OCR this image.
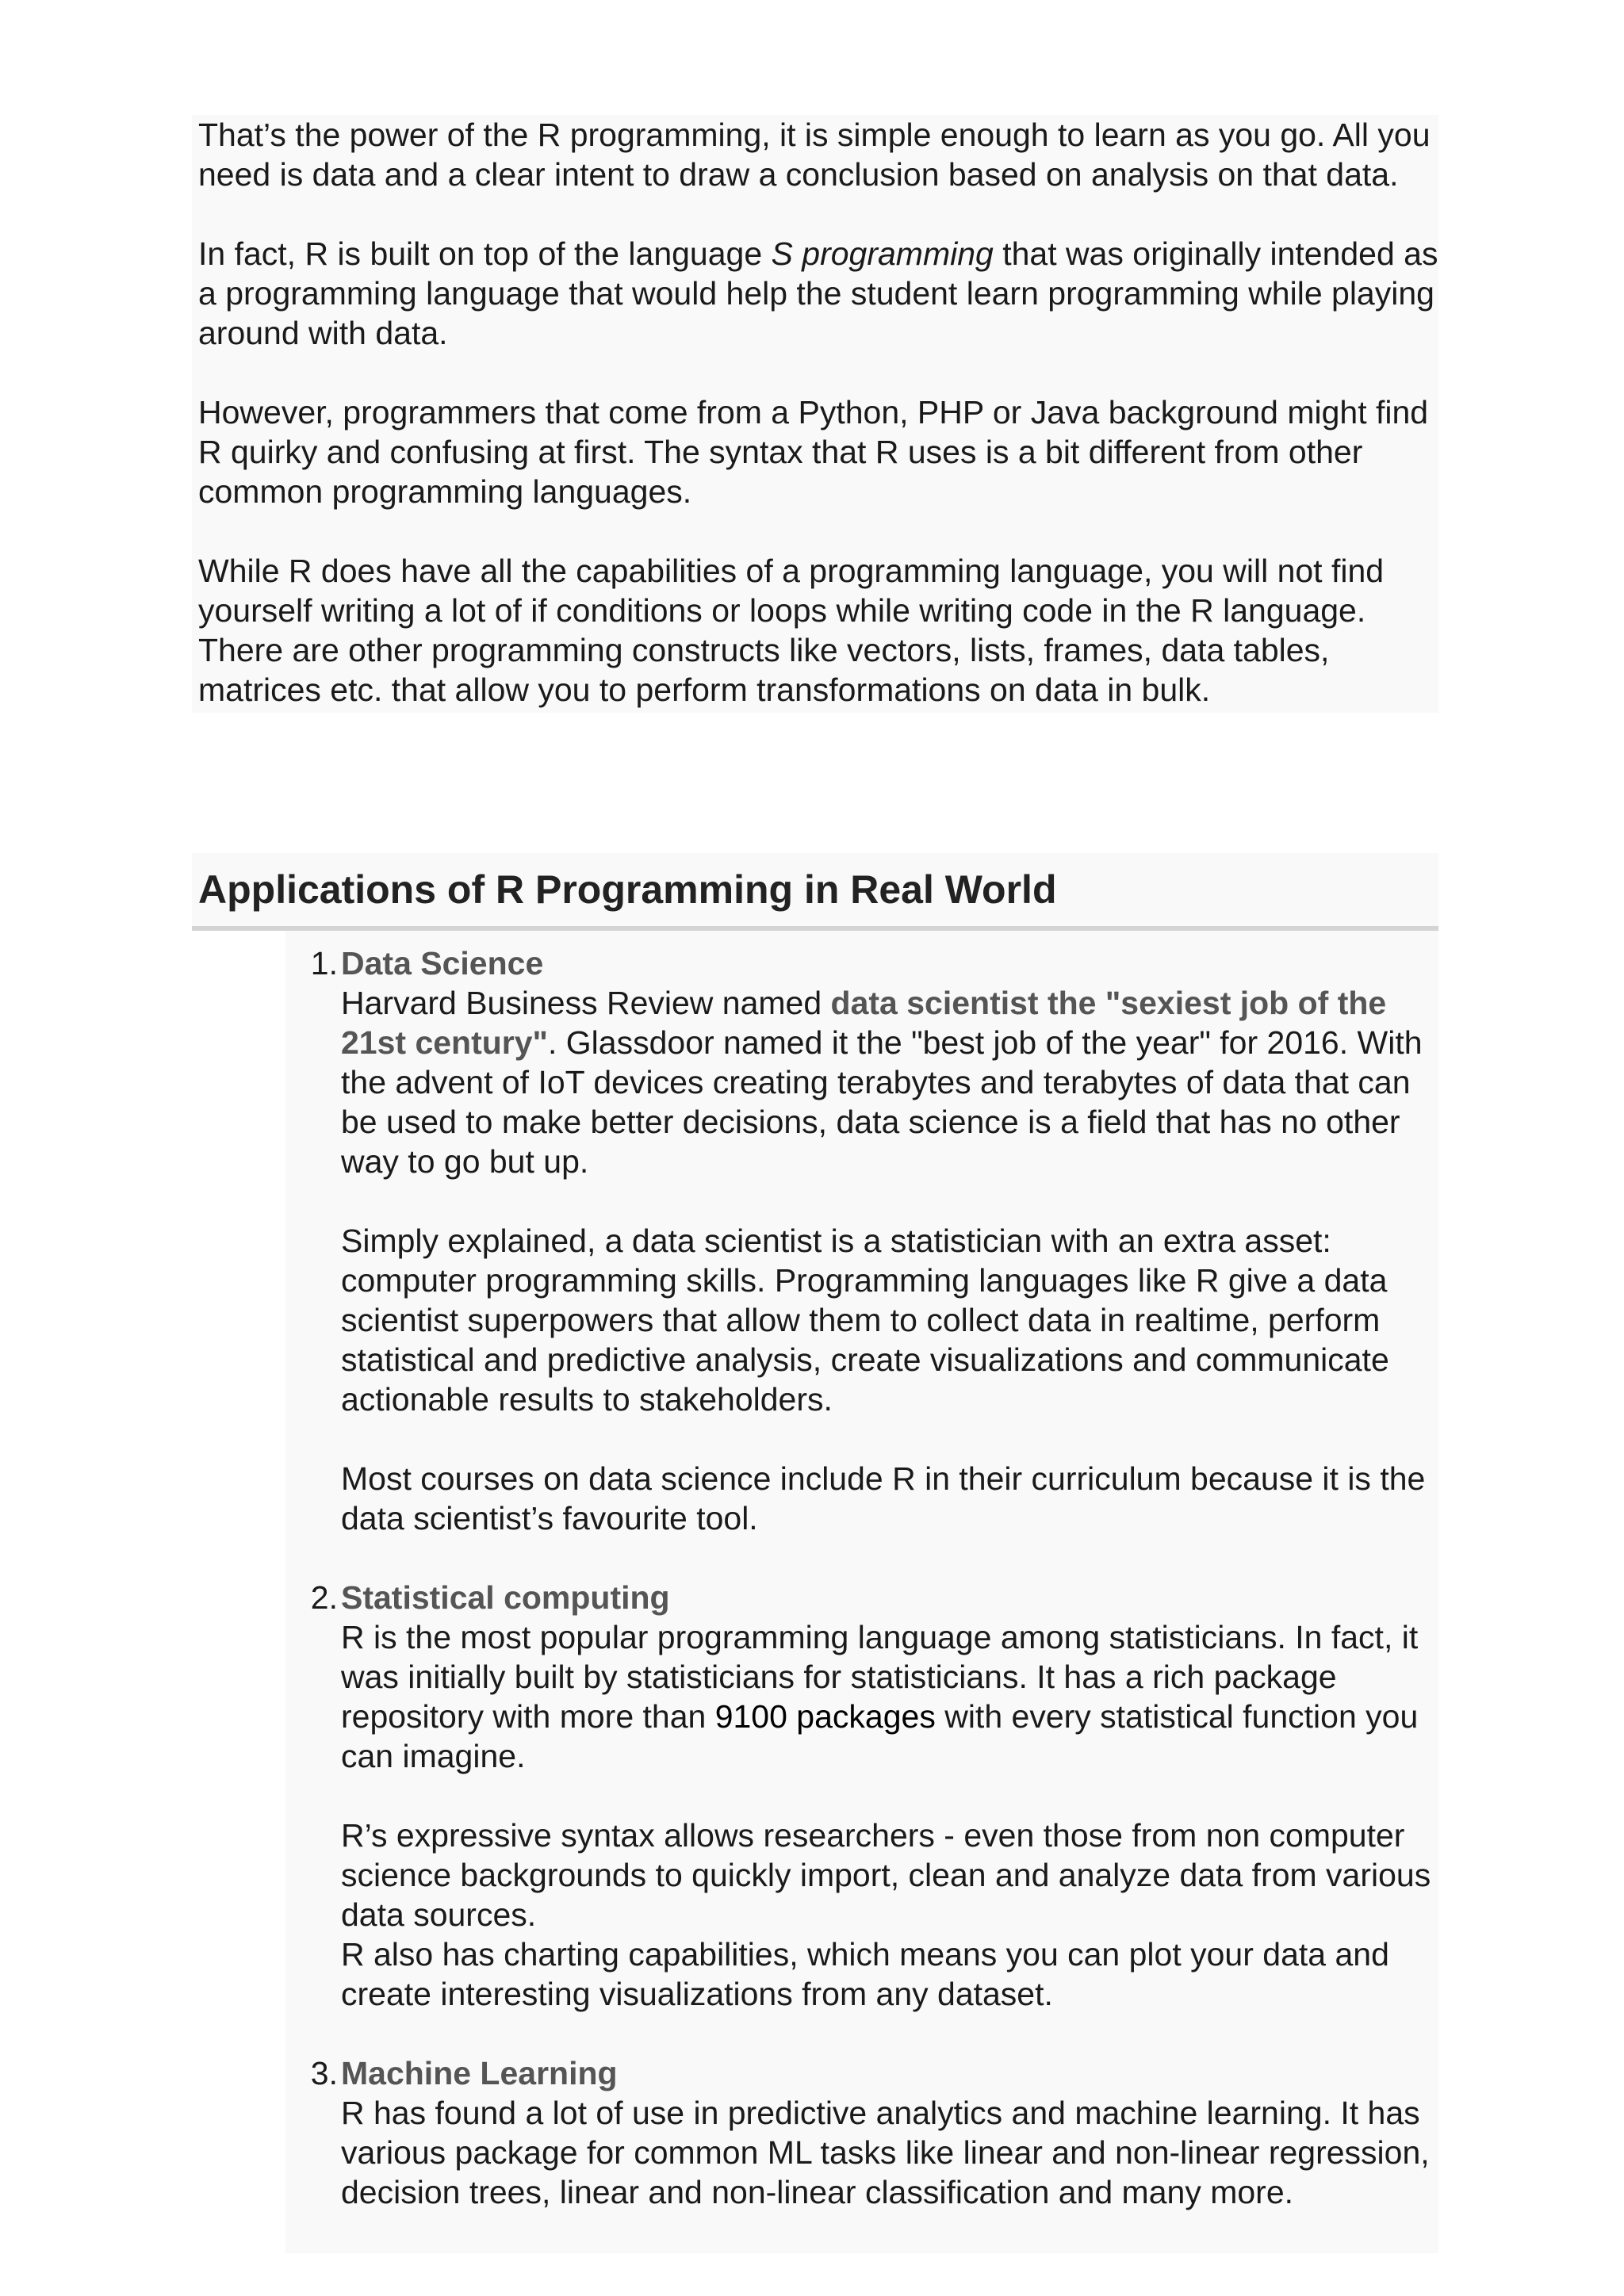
That’s the power of the R programming, it is simple enough to learn as you go. All you need is data and a clear intent to draw a conclusion based on analysis on that data.

In fact, R is built on top of the language S programming that was originally intended as a programming language that would help the student learn programming while playing around with data.

However, programmers that come from a Python, PHP or Java background might find R quirky and confusing at first. The syntax that R uses is a bit different from other common programming languages.

While R does have all the capabilities of a programming language, you will not find yourself writing a lot of if conditions or loops while writing code in the R language. There are other programming constructs like vectors, lists, frames, data tables, matrices etc. that allow you to perform transformations on data in bulk.

Applications of R Programming in Real World
1. Data Science

Harvard Business Review named data scientist the "sexiest job of the 21st century". Glassdoor named it the "best job of the year" for 2016. With the advent of IoT devices creating terabytes and terabytes of data that can be used to make better decisions, data science is a field that has no other way to go but up.

Simply explained, a data scientist is a statistician with an extra asset: computer programming skills. Programming languages like R give a data scientist superpowers that allow them to collect data in realtime, perform statistical and predictive analysis, create visualizations and communicate actionable results to stakeholders.

Most courses on data science include R in their curriculum because it is the data scientist’s favourite tool.

2. Statistical computing

R is the most popular programming language among statisticians. In fact, it was initially built by statisticians for statisticians. It has a rich package repository with more than 9100 packages with every statistical function you can imagine.

R’s expressive syntax allows researchers - even those from non computer science backgrounds to quickly import, clean and analyze data from various data sources.

R also has charting capabilities, which means you can plot your data and create interesting visualizations from any dataset.

3. Machine Learning

R has found a lot of use in predictive analytics and machine learning. It has various package for common ML tasks like linear and non-linear regression, decision trees, linear and non-linear classification and many more.
